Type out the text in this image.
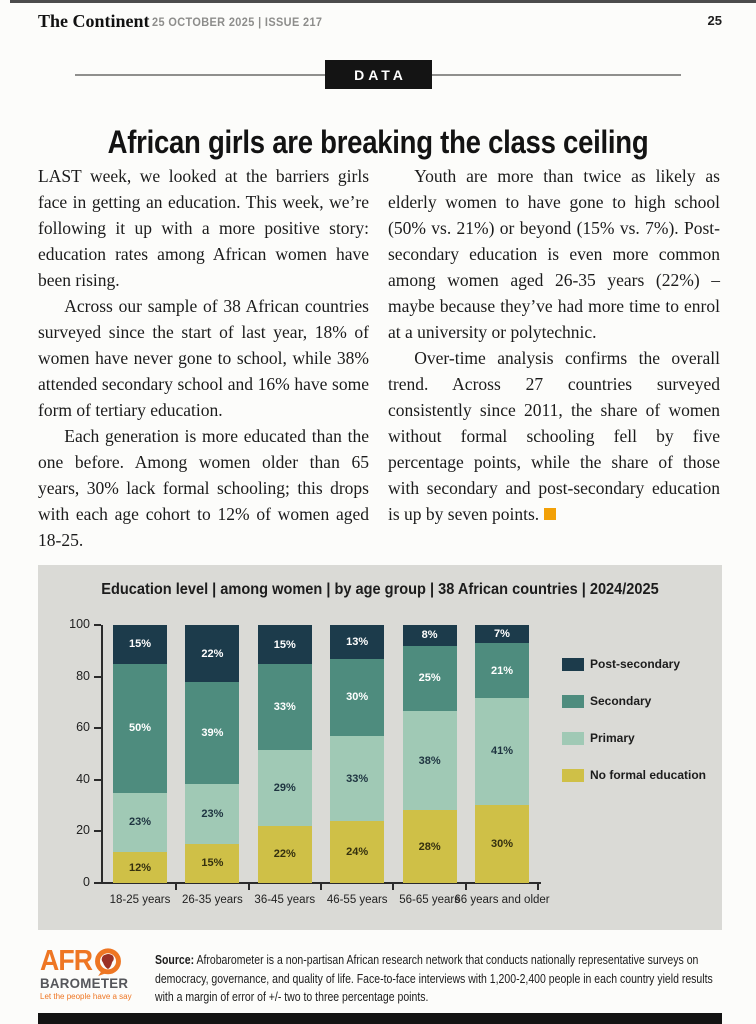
The Continent 25 OCTOBER 2025 | ISSUE 217	25
DATA
African girls are breaking the class ceiling

LAST week, we looked at the barriers girls face in getting an education. This week, we’re following it up with a more positive story: education rates among African women have been rising.

Across our sample of 38 African countries surveyed since the start of last year, 18% of women have never gone to school, while 38% attended secondary school and 16% have some form of tertiary education.

Each generation is more educated than the one before. Among women older than 65 years, 30% lack formal schooling; this drops with each age cohort to 12% of women aged 18-25.

Youth are more than twice as likely as elderly women to have gone to high school (50% vs. 21%) or beyond (15% vs. 7%). Post-secondary education is even more common among women aged 26-35 years (22%) – maybe because they’ve had more time to enrol at a university or polytechnic.

Over-time analysis confirms the overall trend. Across 27 countries surveyed consistently since 2011, the share of women without formal schooling fell by five percentage points, while the share of those with secondary and post-secondary education is up by seven points.

Education level | among women | by age group | 38 African countries | 2024/2025
0
20
40
60
80
100
15%
50%
23%
12%
18-25 years
22%
39%
23%
15%
26-35 years
15%
33%
29%
22%
36-45 years
13%
30%
33%
24%
46-55 years
8%
25%
38%
28%
56-65 years
7%
21%
41%
30%
66 years and older
Post-secondary
Secondary
Primary
No formal education
AFR
BAROMETER
Let the people have a say
Source: Afrobarometer is a non-partisan African research network that conducts nationally representative surveys on democracy, governance, and quality of life. Face-to-face interviews with 1,200-2,400 people in each country yield results with a margin of error of +/- two to three percentage points.
